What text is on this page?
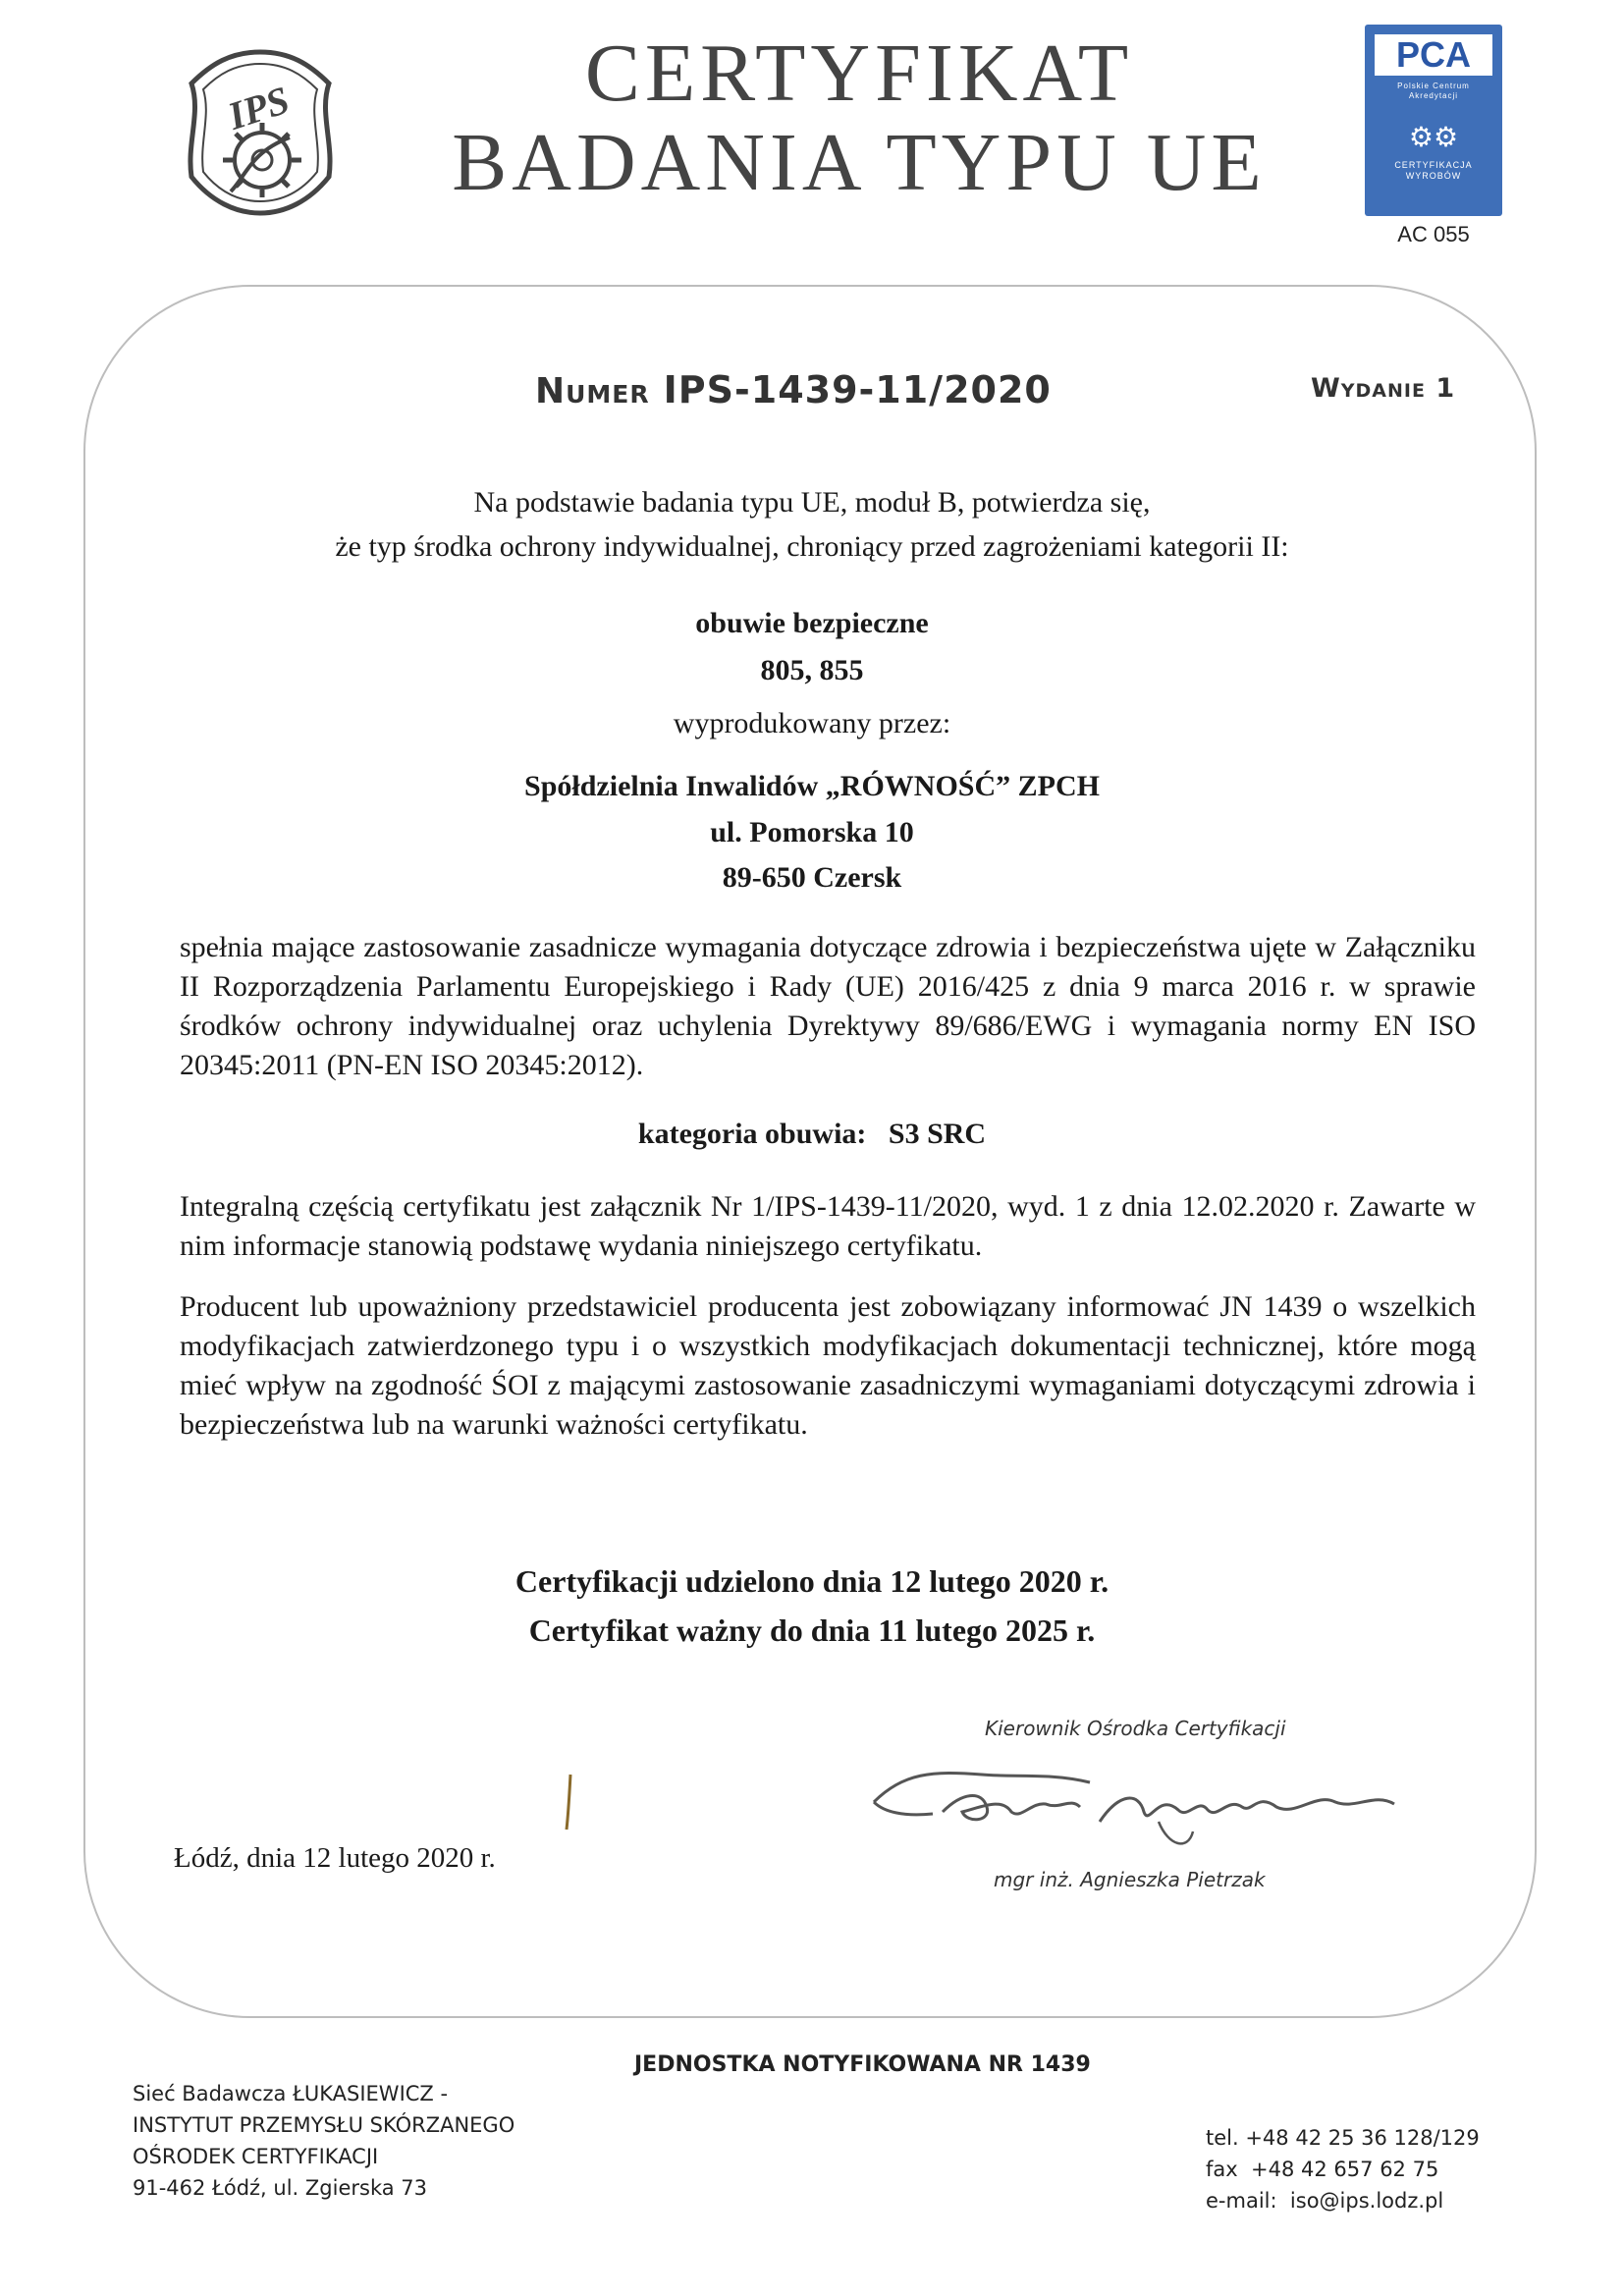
IPS	CERTYFIKAT
BADANIA TYPU UE
PCA
Polskie Centrum
Akredytacji
⚙⚙
CERTYFIKACJA
WYROBÓW
AC 055
Numer IPS-1439-11/2020	Wydanie 1
Na podstawie badania typu UE, moduł B, potwierdza się,
że typ środka ochrony indywidualnej, chroniący przed zagrożeniami kategorii II:
obuwie bezpieczne
805, 855
wyprodukowany przez:
Spółdzielnia Inwalidów „RÓWNOŚĆ” ZPCH
ul. Pomorska 10
89-650 Czersk

spełnia mające zastosowanie zasadnicze wymagania dotyczące zdrowia i bezpieczeństwa ujęte w Załączniku II Rozporządzenia Parlamentu Europejskiego i Rady (UE) 2016/425 z dnia 9 marca 2016 r. w sprawie środków ochrony indywidualnej oraz uchylenia Dyrektywy 89/686/EWG i wymagania normy EN ISO 20345:2011 (PN-EN ISO 20345:2012).

kategoria obuwia: S3 SRC

Integralną częścią certyfikatu jest załącznik Nr 1/IPS-1439-11/2020, wyd. 1 z dnia 12.02.2020 r. Zawarte w nim informacje stanowią podstawę wydania niniejszego certyfikatu.

Producent lub upoważniony przedstawiciel producenta jest zobowiązany informować JN 1439 o wszelkich modyfikacjach zatwierdzonego typu i o wszystkich modyfikacjach dokumentacji technicznej, które mogą mieć wpływ na zgodność ŚOI z mającymi zastosowanie zasadniczymi wymaganiami dotyczącymi zdrowia i bezpieczeństwa lub na warunki ważności certyfikatu.

Certyfikacji udzielono dnia 12 lutego 2020 r.
Certyfikat ważny do dnia 11 lutego 2025 r.
Kierownik Ośrodka Certyfikacji
Łódź, dnia 12 lutego 2020 r.
mgr inż. Agnieszka Pietrzak
JEDNOSTKA NOTYFIKOWANA NR 1439
Sieć Badawcza ŁUKASIEWICZ -
INSTYTUT PRZEMYSŁU SKÓRZANEGO
OŚRODEK CERTYFIKACJI
91-462 Łódź, ul. Zgierska 73
tel. +48 42 25 36 128/129
fax  +48 42 657 62 75
e-mail:  iso@ips.lodz.pl
